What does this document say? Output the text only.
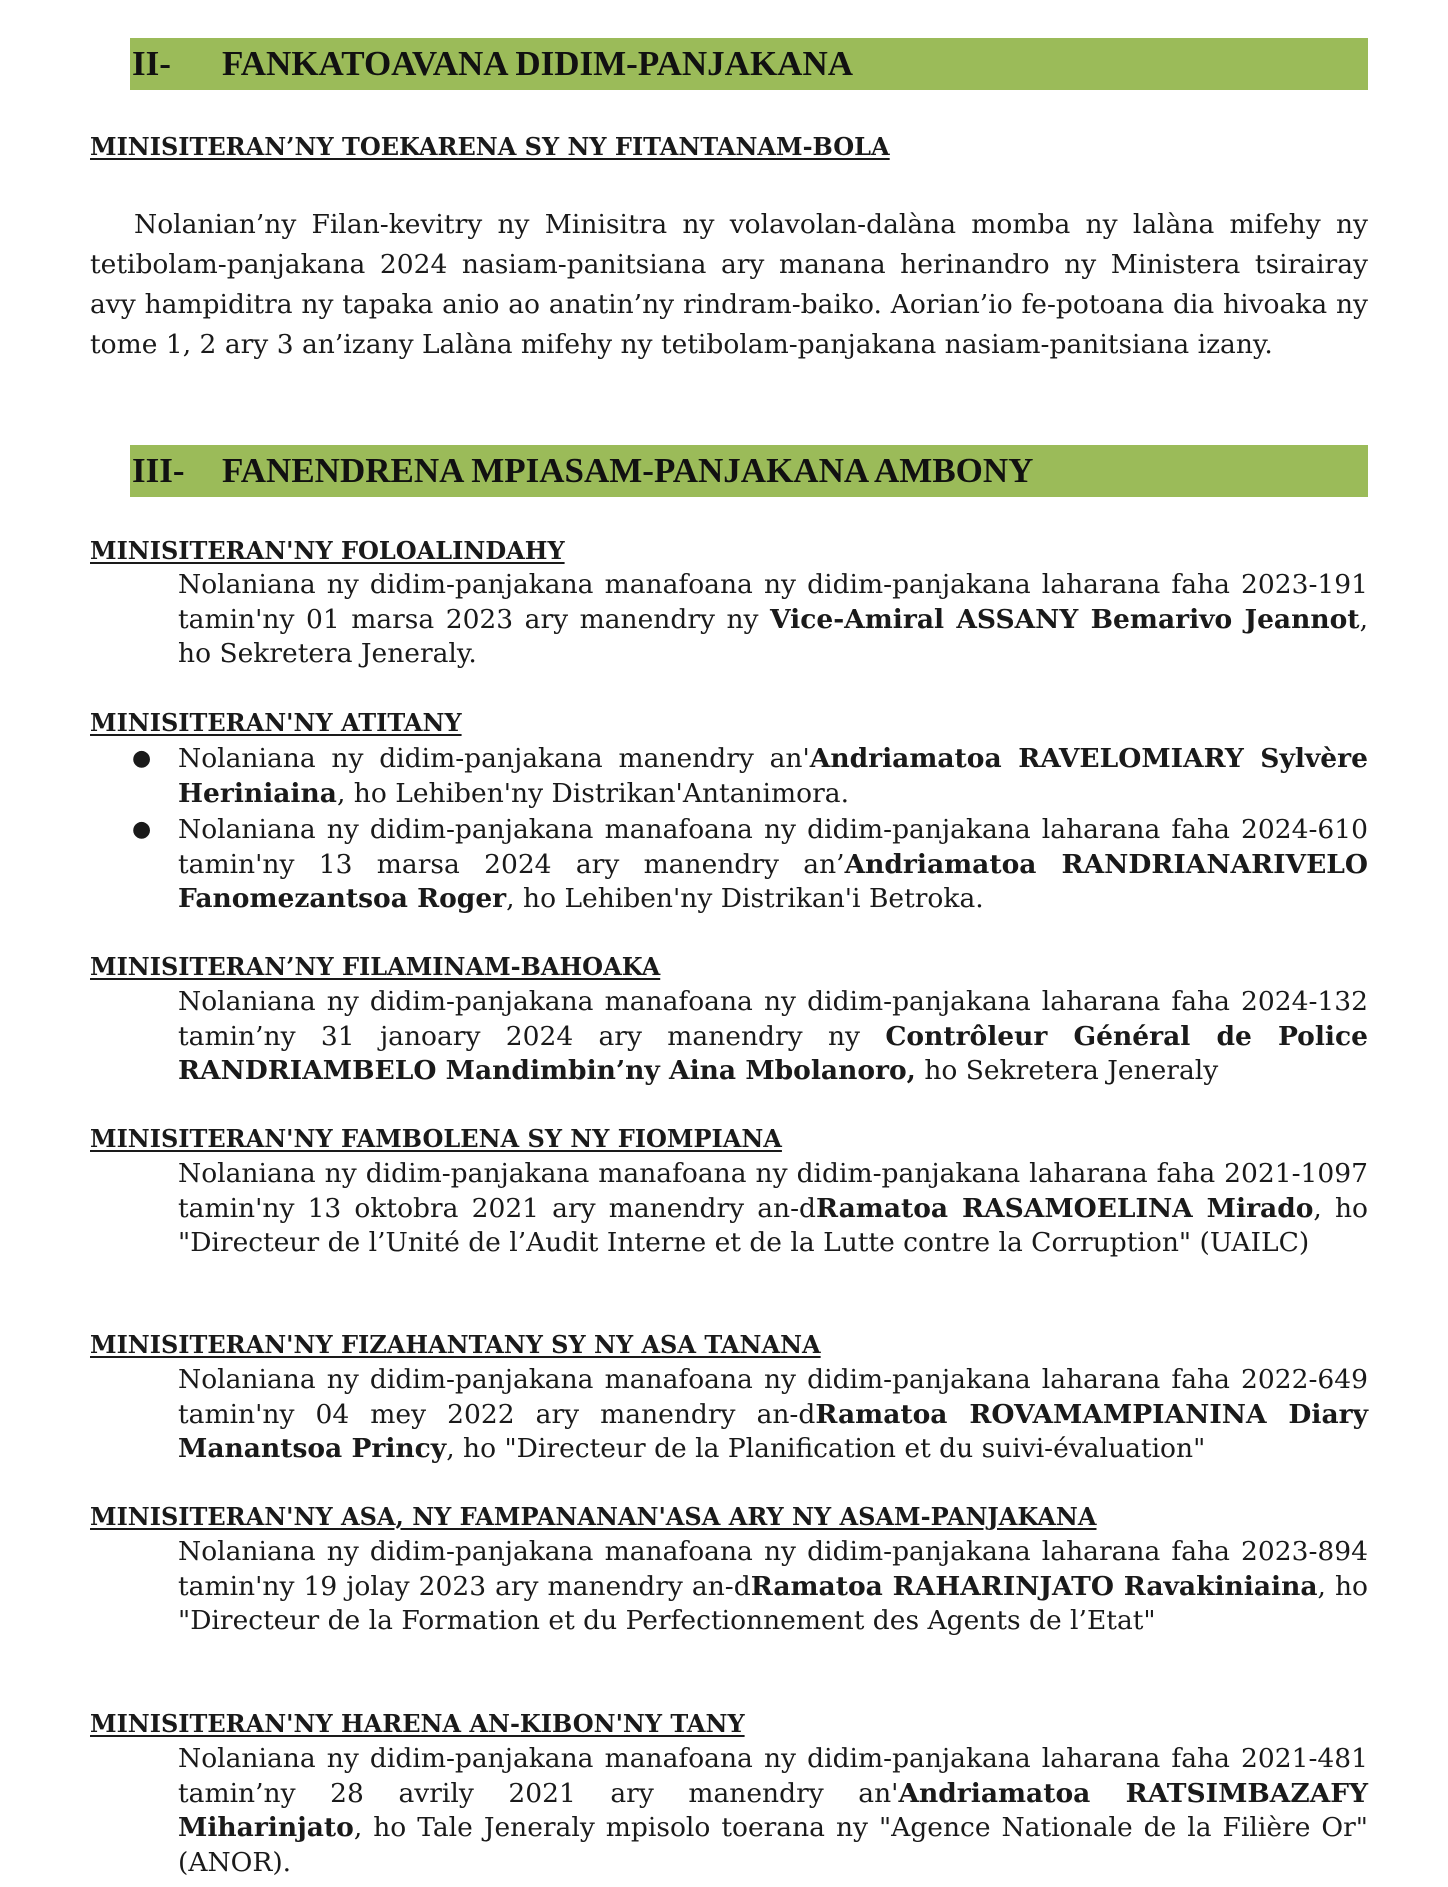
II- FANKATOAVANA DIDIM-PANJAKANA
MINISITERAN’NY TOEKARENA SY NY FITANTANAM-BOLA

Nolanian’ny Filan-kevitry ny Minisitra ny volavolan-dalàna momba ny lalàna mifehy ny tetibolam-panjakana 2024 nasiam-panitsiana ary manana herinandro ny Ministera tsirairay avy hampiditra ny tapaka anio ao anatin’ny rindram-baiko. Aorian’io fe-potoana dia hivoaka ny tome 1, 2 ary 3 an’izany Lalàna mifehy ny tetibolam-panjakana nasiam-panitsiana izany.

III- FANENDRENA MPIASAM-PANJAKANA AMBONY
MINISITERAN'NY FOLOALINDAHY

Nolaniana ny didim-panjakana manafoana ny didim-panjakana laharana faha 2023-191 tamin'ny 01 marsa 2023 ary manendry ny Vice-Amiral ASSANY Bemarivo Jeannot, ho Sekretera Jeneraly.

MINISITERAN'NY ATITANY
● Nolaniana ny didim-panjakana manendry an'Andriamatoa RAVELOMIARY Sylvère Heriniaina, ho Lehiben'ny Distrikan'Antanimora.

● Nolaniana ny didim-panjakana manafoana ny didim-panjakana laharana faha 2024-610 tamin'ny 13 marsa 2024 ary manendry an’Andriamatoa RANDRIANARIVELO Fanomezantsoa Roger, ho Lehiben'ny Distrikan'i Betroka.

MINISITERAN’NY FILAMINAM-BAHOAKA

Nolaniana ny didim-panjakana manafoana ny didim-panjakana laharana faha 2024-132 tamin’ny 31 janoary 2024 ary manendry ny Contrôleur Général de Police RANDRIAMBELO Mandimbin’ny Aina Mbolanoro, ho Sekretera Jeneraly

MINISITERAN'NY FAMBOLENA SY NY FIOMPIANA

Nolaniana ny didim-panjakana manafoana ny didim-panjakana laharana faha 2021-1097 tamin'ny 13 oktobra 2021 ary manendry an-dRamatoa RASAMOELINA Mirado, ho "Directeur de l’Unité de l’Audit Interne et de la Lutte contre la Corruption" (UAILC)

MINISITERAN'NY FIZAHANTANY SY NY ASA TANANA

Nolaniana ny didim-panjakana manafoana ny didim-panjakana laharana faha 2022-649 tamin'ny 04 mey 2022 ary manendry an-dRamatoa ROVAMAMPIANINA Diary Manantsoa Princy, ho "Directeur de la Planification et du suivi-évaluation"

MINISITERAN'NY ASA, NY FAMPANANAN'ASA ARY NY ASAM-PANJAKANA

Nolaniana ny didim-panjakana manafoana ny didim-panjakana laharana faha 2023-894 tamin'ny 19 jolay 2023 ary manendry an-dRamatoa RAHARINJATO Ravakiniaina, ho "Directeur de la Formation et du Perfectionnement des Agents de l’Etat"

MINISITERAN'NY HARENA AN-KIBON'NY TANY

Nolaniana ny didim-panjakana manafoana ny didim-panjakana laharana faha 2021-481 tamin’ny 28 avrily 2021 ary manendry an'Andriamatoa RATSIMBAZAFY Miharinjato, ho Tale Jeneraly mpisolo toerana ny "Agence Nationale de la Filière Or" (ANOR).
